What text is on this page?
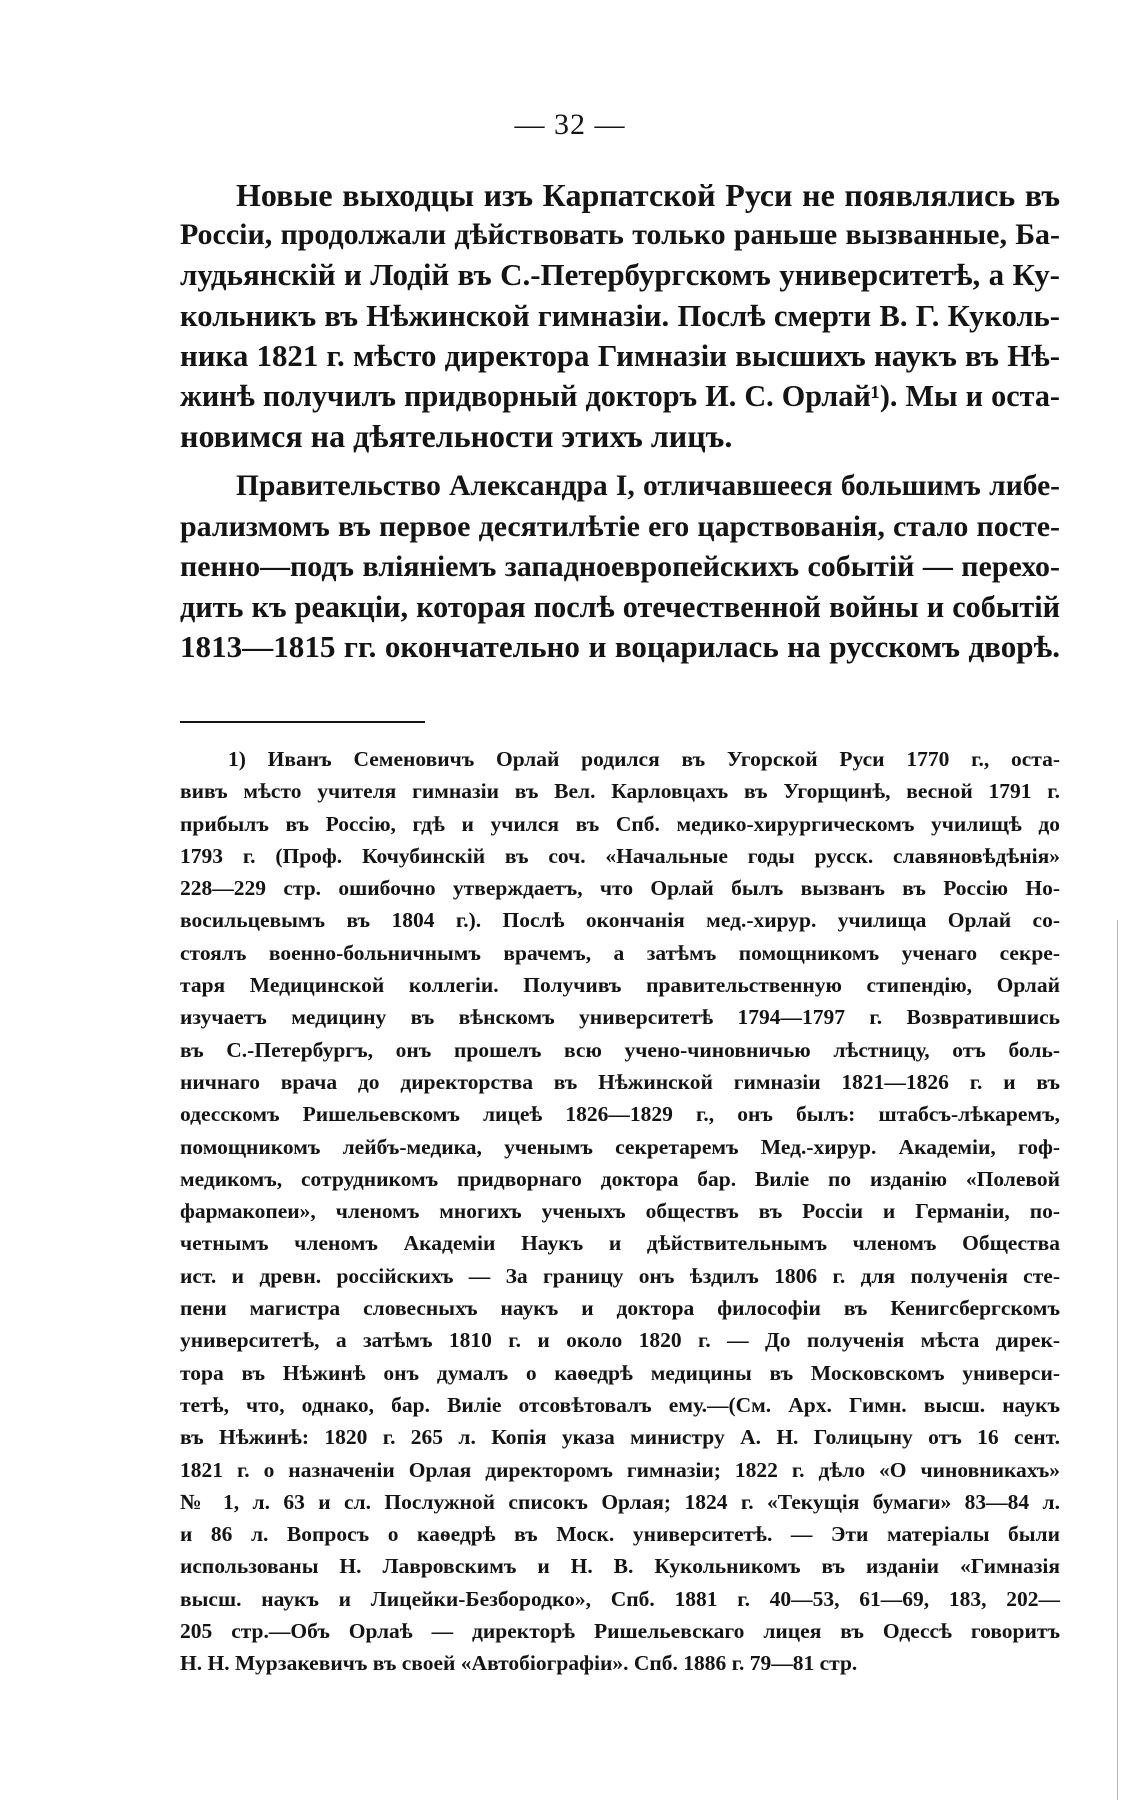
— 32 —

Новые выходцы изъ Карпатской Руси не появлялись въ
Россіи, продолжали дѣйствовать только раньше вызванные, Ба-
лудьянскій и Лодій въ С.-Петербургскомъ университетѣ, а Ку-
кольникъ въ Нѣжинской гимназіи. Послѣ смерти В. Г. Куколь-
ника 1821 г. мѣсто директора Гимназіи высшихъ наукъ въ Нѣ-
жинѣ получилъ придворный докторъ И. С. Орлай¹). Мы и оста-
новимся на дѣятельности этихъ лицъ.

Правительство Александра I, отличавшееся большимъ либе-
рализмомъ въ первое десятилѣтіе его царствованія, стало посте-
пенно—подъ вліяніемъ западноевропейскихъ событій — перехо-
дить къ реакціи, которая послѣ отечественной войны и событій
1813—1815 гг. окончательно и воцарилась на русскомъ дворѣ.

1) Иванъ Семеновичъ Орлай родился въ Угорской Руси 1770 г., оста-
вивъ мѣсто учителя гимназіи въ Вел. Карловцахъ въ Угорщинѣ, весной 1791 г.
прибылъ въ Россію, гдѣ и учился въ Спб. медико-хирургическомъ училищѣ до
1793 г. (Проф. Кочубинскій въ соч. «Начальные годы русск. славяновѣдѣнія»
228—229 стр. ошибочно утверждаетъ, что Орлай былъ вызванъ въ Россію Но-
восильцевымъ въ 1804 г.). Послѣ окончанія мед.-хирур. училища Орлай со-
стоялъ военно-больничнымъ врачемъ, а затѣмъ помощникомъ ученаго секре-
таря Медицинской коллегіи. Получивъ правительственную стипендію, Орлай
изучаетъ медицину въ вѣнскомъ университетѣ 1794—1797 г. Возвратившись
въ С.-Петербургъ, онъ прошелъ всю учено-чиновничью лѣстницу, отъ боль-
ничнаго врача до директорства въ Нѣжинской гимназіи 1821—1826 г. и въ
одесскомъ Ришельевскомъ лицеѣ 1826—1829 г., онъ былъ: штабсъ-лѣкаремъ,
помощникомъ лейбъ-медика, ученымъ секретаремъ Мед.-хирур. Академіи, гоф-
медикомъ, сотрудникомъ придворнаго доктора бар. Виліе по изданію «Полевой
фармакопеи», членомъ многихъ ученыхъ обществъ въ Россіи и Германіи, по-
четнымъ членомъ Академіи Наукъ и дѣйствительнымъ членомъ Общества
ист. и древн. россійскихъ — За границу онъ ѣздилъ 1806 г. для полученія сте-
пени магистра словесныхъ наукъ и доктора философіи въ Кенигсбергскомъ
университетѣ, а затѣмъ 1810 г. и около 1820 г. — До полученія мѣста дирек-
тора въ Нѣжинѣ онъ думалъ о каѳедрѣ медицины въ Московскомъ универси-
тетѣ, что, однако, бар. Виліе отсовѣтовалъ ему.—(См. Арх. Гимн. высш. наукъ
въ Нѣжинѣ: 1820 г. 265 л. Копія указа министру А. Н. Голицыну отъ 16 сент.
1821 г. о назначеніи Орлая директоромъ гимназіи; 1822 г. дѣло «О чиновникахъ»
№ 1, л. 63 и сл. Послужной списокъ Орлая; 1824 г. «Текущія бумаги» 83—84 л.
и 86 л. Вопросъ о каѳедрѣ въ Моск. университетѣ. — Эти матеріалы были
использованы Н. Лавровскимъ и Н. В. Кукольникомъ въ изданіи «Гимназія
высш. наукъ и Лицейки-Безбородко», Спб. 1881 г. 40—53, 61—69, 183, 202—
205 стр.—Объ Орлаѣ — директорѣ Ришельевскаго лицея въ Одессѣ говоритъ
Н. Н. Мурзакевичъ въ своей «Автобіографіи». Спб. 1886 г. 79—81 стр.
